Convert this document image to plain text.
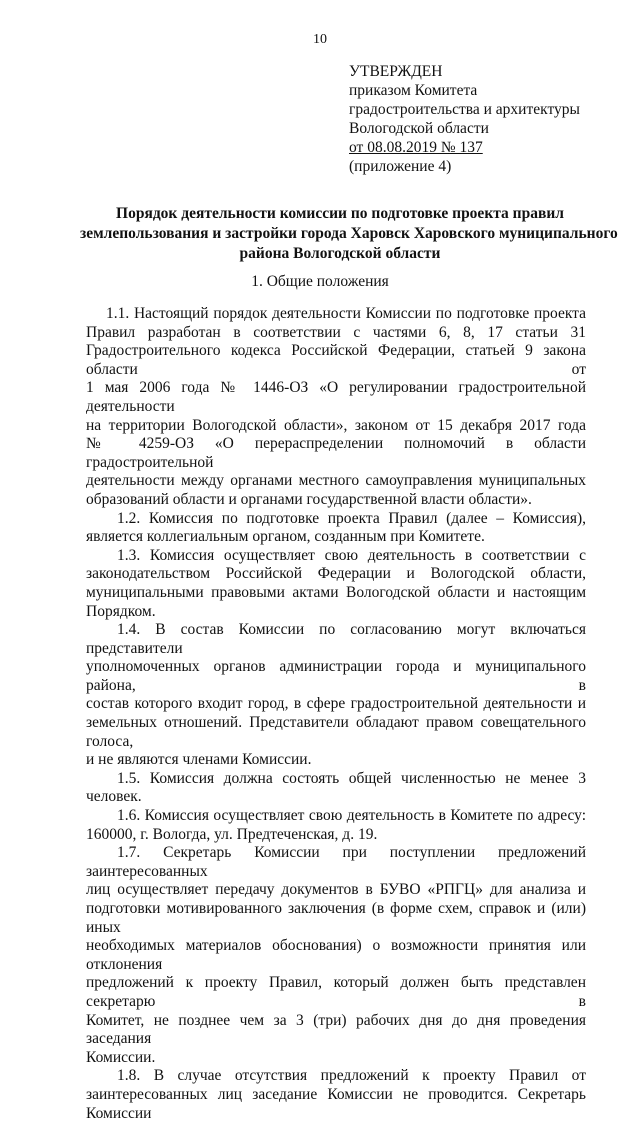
10
УТВЕРЖДЕН
приказом Комитета
градостроительства и архитектуры
Вологодской области
от 08.08.2019 № 137
(приложение 4)
Порядок деятельности комиссии по подготовке проекта правил
землепользования и застройки города Харовск Харовского муниципального
района Вологодской области
1. Общие положения
1.1. Настоящий порядок деятельности Комиссии по подготовке проекта
Правил разработан в соответствии с частями 6, 8, 17 статьи 31
Градостроительного кодекса Российской Федерации, статьей 9 закона области от
1 мая 2006 года № 1446-ОЗ «О регулировании градостроительной деятельности
на территории Вологодской области», законом от 15 декабря 2017 года
№ 4259-ОЗ «О перераспределении полномочий в области градостроительной
деятельности между органами местного самоуправления муниципальных
образований области и органами государственной власти области».
1.2. Комиссия по подготовке проекта Правил (далее – Комиссия),
является коллегиальным органом, созданным при Комитете.
1.3. Комиссия осуществляет свою деятельность в соответствии с
законодательством Российской Федерации и Вологодской области,
муниципальными правовыми актами Вологодской области и настоящим
Порядком.
1.4. В состав Комиссии по согласованию могут включаться представители
уполномоченных органов администрации города и муниципального района, в
состав которого входит город, в сфере градостроительной деятельности и
земельных отношений. Представители обладают правом совещательного голоса,
и не являются членами Комиссии.
1.5. Комиссия должна состоять общей численностью не менее 3 человек.
1.6. Комиссия осуществляет свою деятельность в Комитете по адресу:
160000, г. Вологда, ул. Предтеченская, д. 19.
1.7. Секретарь Комиссии при поступлении предложений заинтересованных
лиц осуществляет передачу документов в БУВО «РПГЦ» для анализа и
подготовки мотивированного заключения (в форме схем, справок и (или) иных
необходимых материалов обоснования) о возможности принятия или отклонения
предложений к проекту Правил, который должен быть представлен секретарю в
Комитет, не позднее чем за 3 (три) рабочих дня до дня проведения заседания
Комиссии.
1.8. В случае отсутствия предложений к проекту Правил от
заинтересованных лиц заседание Комиссии не проводится. Секретарь Комиссии
